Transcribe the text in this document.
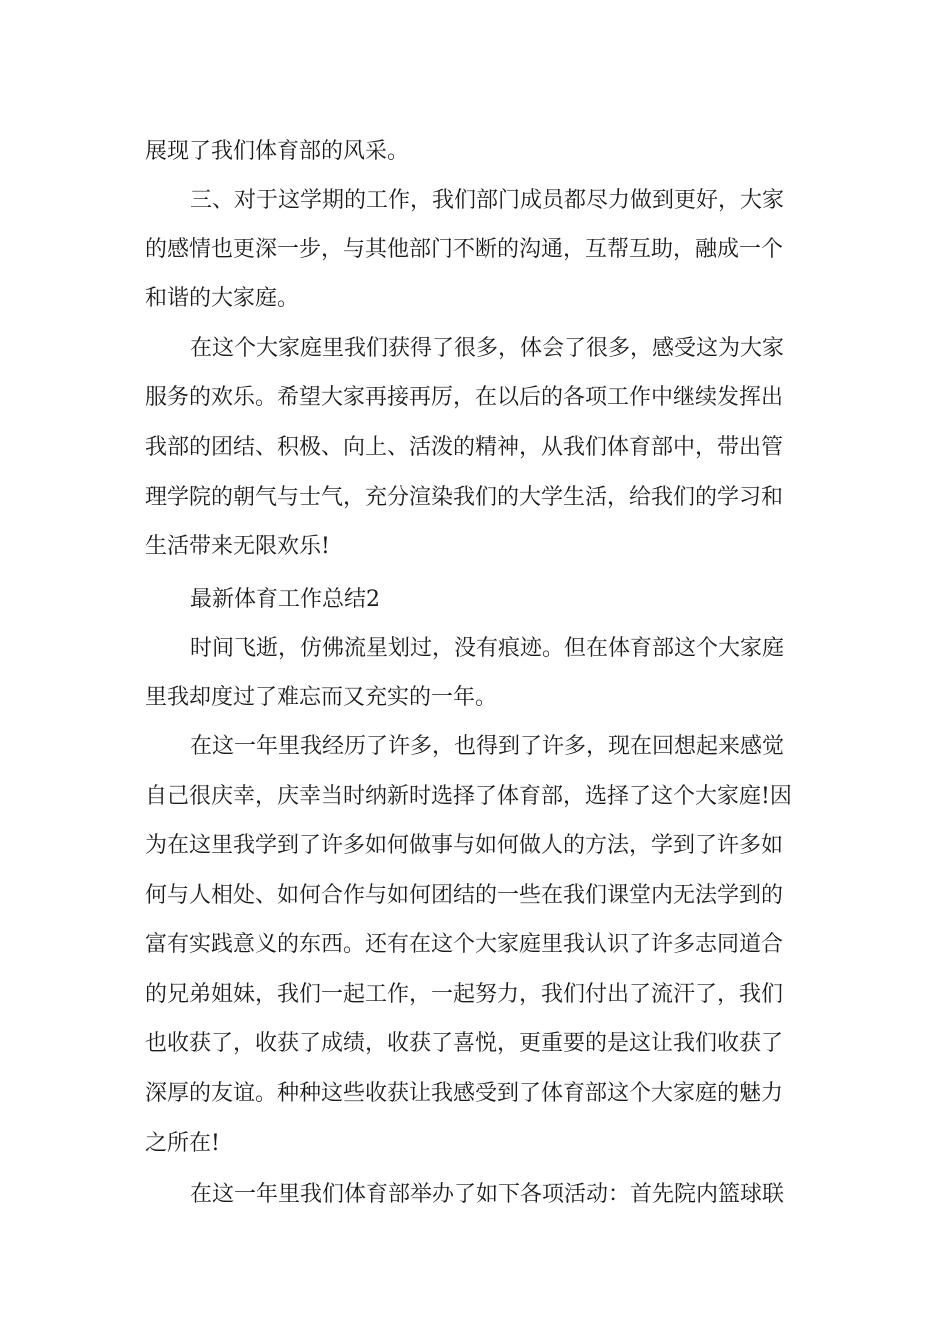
展现了我们体育部的风采。
三、对于这学期的工作，我们部门成员都尽力做到更好，大家
的感情也更深一步，与其他部门不断的沟通，互帮互助，融成一个
和谐的大家庭。
在这个大家庭里我们获得了很多，体会了很多，感受这为大家
服务的欢乐。希望大家再接再厉，在以后的各项工作中继续发挥出
我部的团结、积极、向上、活泼的精神，从我们体育部中，带出管
理学院的朝气与士气，充分渲染我们的大学生活，给我们的学习和
生活带来无限欢乐!
最新体育工作总结2
时间飞逝，仿佛流星划过，没有痕迹。但在体育部这个大家庭
里我却度过了难忘而又充实的一年。
在这一年里我经历了许多，也得到了许多，现在回想起来感觉
自己很庆幸，庆幸当时纳新时选择了体育部，选择了这个大家庭!因
为在这里我学到了许多如何做事与如何做人的方法，学到了许多如
何与人相处、如何合作与如何团结的一些在我们课堂内无法学到的
富有实践意义的东西。还有在这个大家庭里我认识了许多志同道合
的兄弟姐妹，我们一起工作，一起努力，我们付出了流汗了，我们
也收获了，收获了成绩，收获了喜悦，更重要的是这让我们收获了
深厚的友谊。种种这些收获让我感受到了体育部这个大家庭的魅力
之所在!
在这一年里我们体育部举办了如下各项活动：首先院内篮球联
